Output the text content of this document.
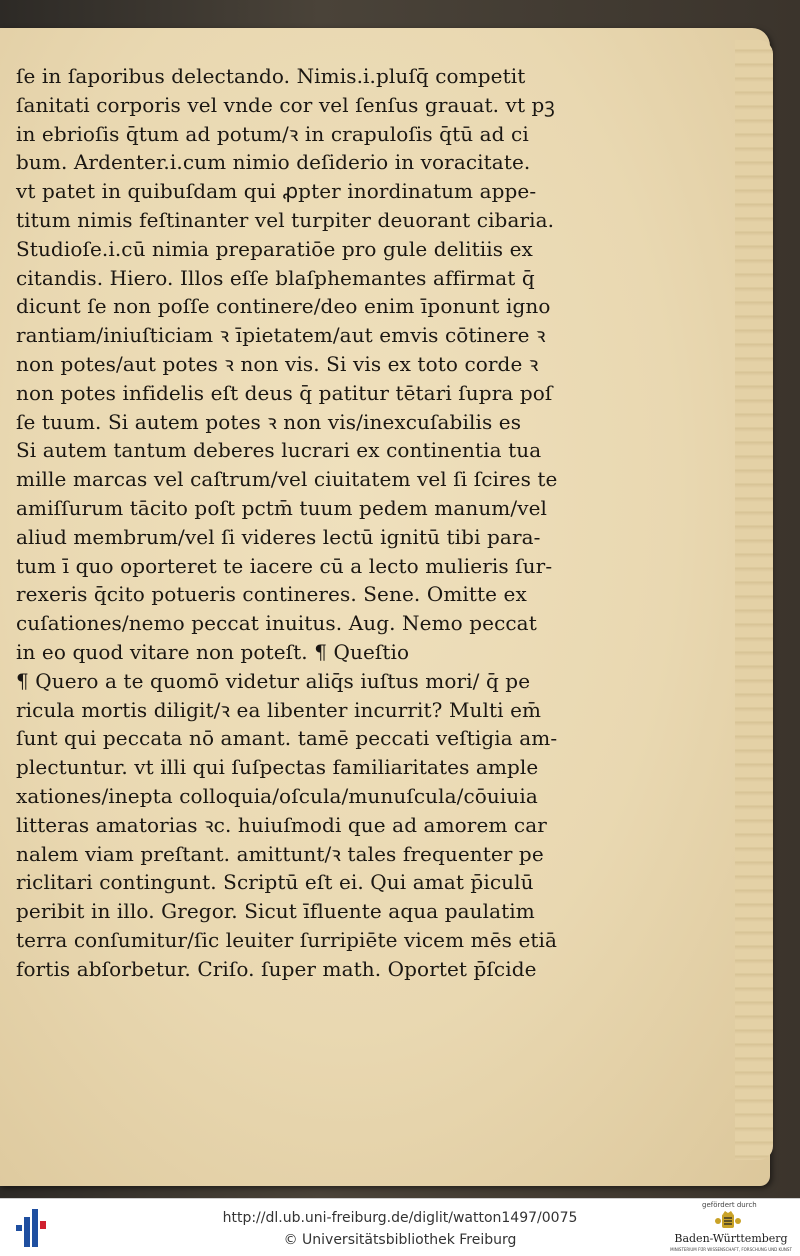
ſe in ſaporibus delectando. Nimis.i.pluſq̄ competit
ſanitati corporis vel vnde cor vel ſenſus grauat. vt pꝫ
in ebrioſis q̄tum ad potum/ꝛ in crapuloſis q̄tū ad ci
bum. Ardenter.i.cum nimio deſiderio in voracitate.
vt patet in quibuſdam qui ꝓpter inordinatum appe-
titum nimis feſtinanter vel turpiter deuorant cibaria.
Studioſe.i.cū nimia preparatiōe pro gule delitiis ex
citandis. Hiero. Illos eſſe blaſphemantes affirmat q̄
dicunt ſe non poſſe continere/deo enim īponunt igno
rantiam/iniuſticiam ꝛ īpietatem/aut emvis cōtinere ꝛ
non potes/aut potes ꝛ non vis. Si vis ex toto corde ꝛ
non potes infidelis eſt deus q̄ patitur tētari ſupra poſ
ſe tuum. Si autem potes ꝛ non vis/inexcuſabilis es
Si autem tantum deberes lucrari ex continentia tua
mille marcas vel caſtrum/vel ciuitatem vel ſi ſcires te
amiſſurum tācito poſt pctm̄ tuum pedem manum/vel
aliud membrum/vel ſi videres lectū ignitū tibi para-
tum ī quo oporteret te iacere cū a lecto mulieris ſur-
rexeris q̄cito potueris contineres. Sene. Omitte ex
cuſationes/nemo peccat inuitus. Aug. Nemo peccat
in eo quod vitare non poteſt. ¶ Queſtio
¶ Quero a te quomō videtur aliq̄s iuſtus mori/ q̄ pe
ricula mortis diligit/ꝛ ea libenter incurrit? Multi em̄
ſunt qui peccata nō amant. tamē peccati veſtigia am-
plectuntur. vt illi qui ſuſpectas familiaritates ample
xationes/inepta colloquia/oſcula/munuſcula/cōuiuia
litteras amatorias ꝛc. huiuſmodi que ad amorem car
nalem viam preſtant. amittunt/ꝛ tales frequenter pe
riclitari contingunt. Scriptū eſt ei. Qui amat p̄iculū
peribit in illo. Gregor. Sicut īfluente aqua paulatim
terra conſumitur/ſic leuiter ſurripiēte vicem mēs etiā
fortis abſorbetur. Criſo. ſuper math. Oportet p̄ſcide
http://dl.ub.uni-freiburg.de/diglit/watton1497/0075
© Universitätsbibliothek Freiburg
gefördert durch
Baden-Württemberg
MINISTERIUM FÜR WISSENSCHAFT, FORSCHUNG UND KUNST
